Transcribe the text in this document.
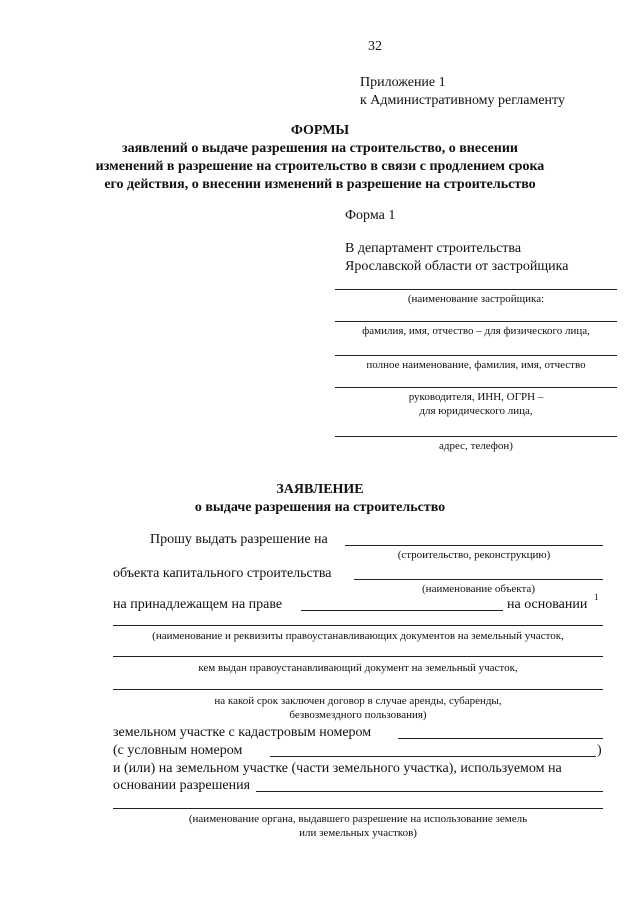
32
Приложение 1
к Административному регламенту
ФОРМЫ
заявлений о выдаче разрешения на строительство, о внесении
изменений в разрешение на строительство в связи с продлением срока
его действия, о внесении изменений в разрешение на строительство
Форма 1
В департамент строительства
Ярославской области от застройщика
(наименование застройщика:
фамилия, имя, отчество – для физического лица,
полное наименование, фамилия, имя, отчество
руководителя, ИНН, ОГРН –
для юридического лица,
адрес, телефон)
ЗАЯВЛЕНИЕ
о выдаче разрешения на строительство
Прошу выдать разрешение на
(строительство, реконструкцию)
объекта капитального строительства
(наименование объекта)
на принадлежащем на праве	на основании 1
(наименование и реквизиты правоустанавливающих документов на земельный участок,
кем выдан правоустанавливающий документ на земельный участок,
на какой срок заключен договор в случае аренды, субаренды,
безвозмездного пользования)
земельном участке с кадастровым номером
(с условным номером	)
и (или) на земельном участке (части земельного участка), используемом на
основании разрешения
(наименование органа, выдавшего разрешение на использование земель
или земельных участков)
